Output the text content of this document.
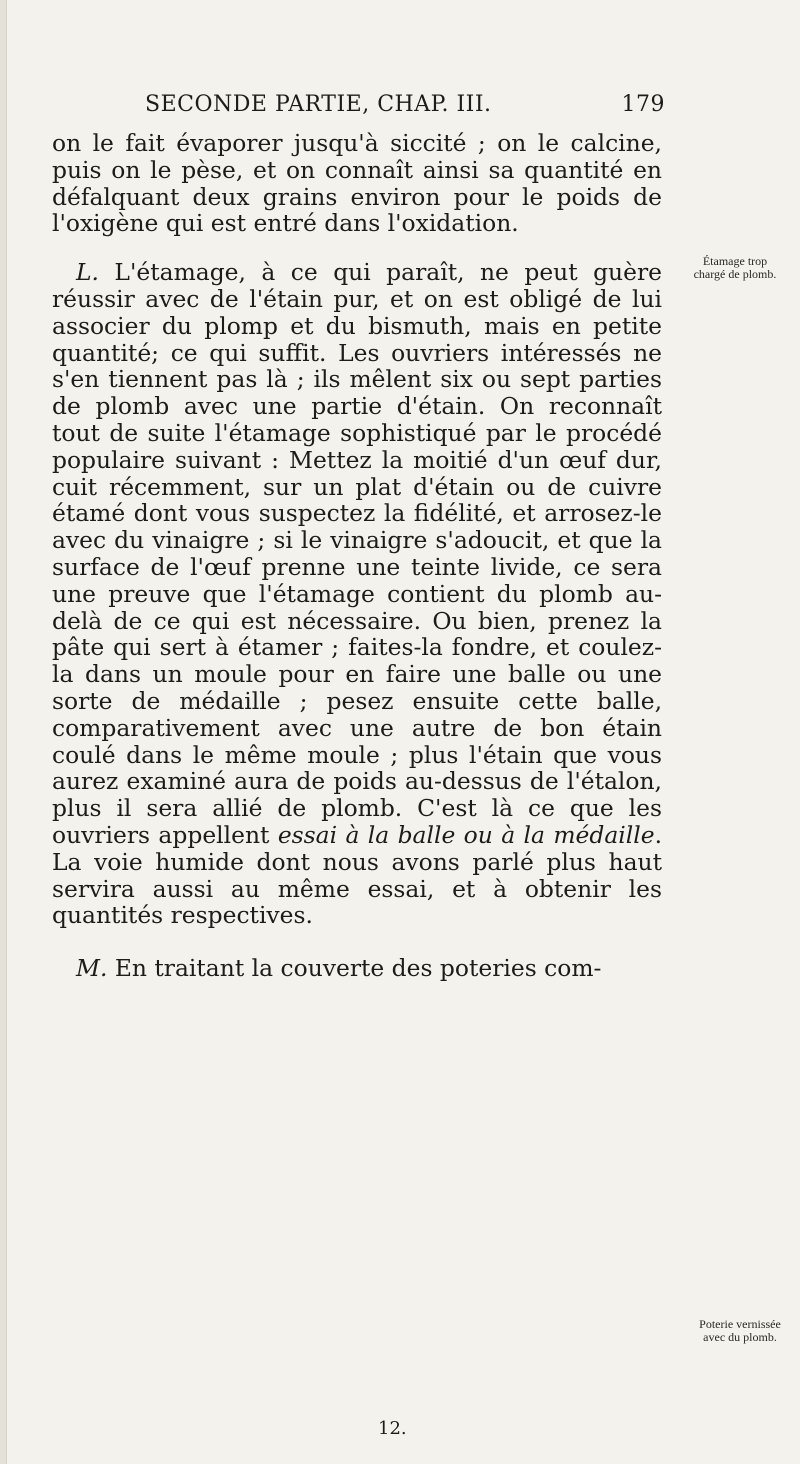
SECONDE PARTIE, CHAP. III.	179

on le fait évaporer jusqu'à siccité ; on le calcine, puis on le pèse, et on connaît ainsi sa quantité en défalquant deux grains environ pour le poids de l'oxigène qui est entré dans l'oxidation.

L. L'étamage, à ce qui paraît, ne peut guère réussir avec de l'étain pur, et on est obligé de lui associer du plomp et du bismuth, mais en petite quantité; ce qui suffit. Les ouvriers intéressés ne s'en tiennent pas là ; ils mêlent six ou sept parties de plomb avec une partie d'étain. On reconnaît tout de suite l'étamage sophistiqué par le procédé populaire suivant : Mettez la moitié d'un œuf dur, cuit récemment, sur un plat d'étain ou de cuivre étamé dont vous suspectez la fidélité, et arrosez-le avec du vinaigre ; si le vinaigre s'adoucit, et que la surface de l'œuf prenne une teinte livide, ce sera une preuve que l'étamage contient du plomb au-delà de ce qui est nécessaire. Ou bien, prenez la pâte qui sert à étamer ; faites-la fondre, et coulez-la dans un moule pour en faire une balle ou une sorte de médaille ; pesez ensuite cette balle, comparativement avec une autre de bon étain coulé dans le même moule ; plus l'étain que vous aurez examiné aura de poids au-dessus de l'étalon, plus il sera allié de plomb. C'est là ce que les ouvriers appellent essai à la balle ou à la médaille. La voie humide dont nous avons parlé plus haut servira aussi au même essai, et à obtenir les quantités respectives.

M. En traitant la couverte des poteries com-

Étamage trop chargé de plomb.
Poterie vernissée avec du plomb.
12.
